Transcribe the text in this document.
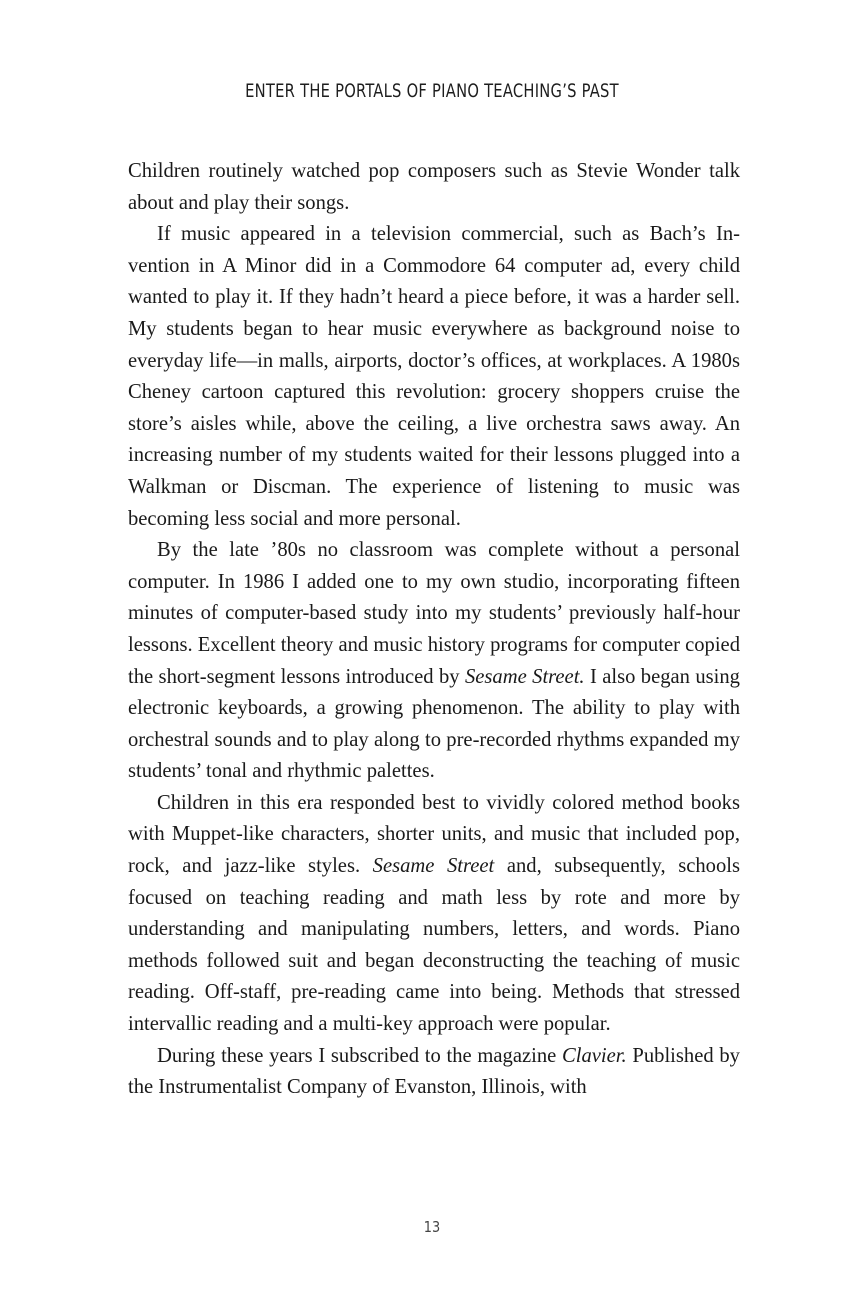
ENTER THE PORTALS OF PIANO TEACHING’S PAST

Children routinely watched pop composers such as Stevie Wonder talk about and play their songs.

If music appeared in a television commercial, such as Bach’s Invention in A Minor did in a Commodore 64 computer ad, every child wanted to play it. If they hadn’t heard a piece before, it was a harder sell. My students began to hear music everywhere as background noise to everyday life—in malls, airports, doctor’s offices, at workplaces. A 1980s Cheney cartoon captured this revolution: grocery shoppers cruise the store’s aisles while, above the ceiling, a live orchestra saws away. An increasing number of my students waited for their lessons plugged into a Walkman or Discman. The experience of listening to music was becoming less social and more personal.

By the late ’80s no classroom was complete without a personal computer. In 1986 I added one to my own studio, incorporating fifteen minutes of computer-based study into my students’ previously half-hour lessons. Excellent theory and music history programs for computer copied the short-segment lessons introduced by Sesame Street. I also began using electronic keyboards, a growing phenomenon. The ability to play with orchestral sounds and to play along to pre-recorded rhythms expanded my students’ tonal and rhythmic palettes.

Children in this era responded best to vividly colored method books with Muppet-like characters, shorter units, and music that included pop, rock, and jazz-like styles. Sesame Street and, subsequently, schools focused on teaching reading and math less by rote and more by understanding and manipulating numbers, letters, and words. Piano methods followed suit and began deconstructing the teaching of music reading. Off-staff, pre-reading came into being. Methods that stressed intervallic reading and a multi-key approach were popular.

During these years I subscribed to the magazine Clavier. Published by the Instrumentalist Company of Evanston, Illinois, with

13
